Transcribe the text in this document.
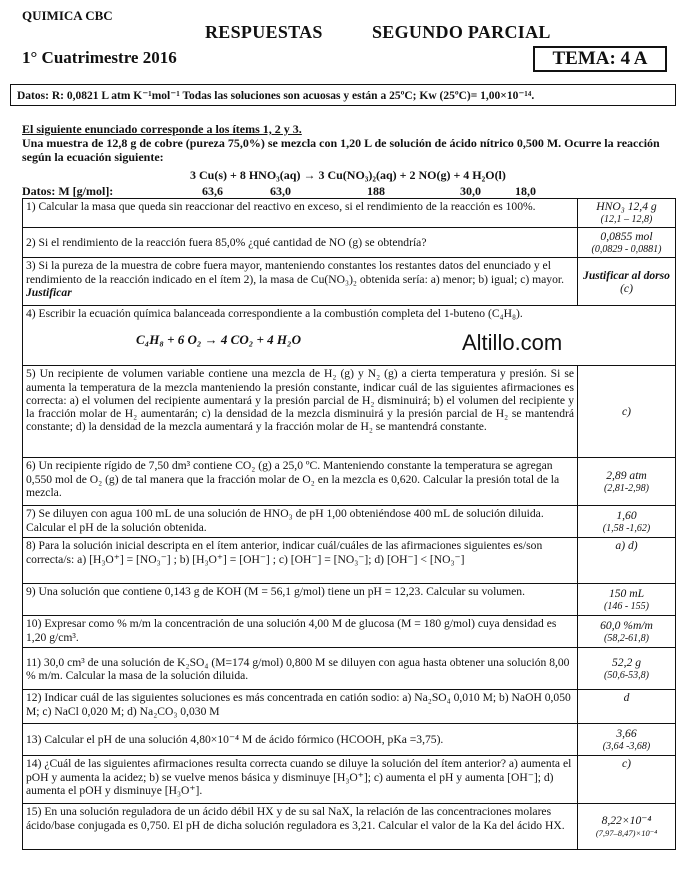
QUIMICA CBC
RESPUESTAS	SEGUNDO PARCIAL
1° Cuatrimestre 2016	TEMA: 4 A
Datos: R: 0,0821 L atm K⁻¹mol⁻¹ Todas las soluciones son acuosas y están a 25ºC; Kw (25ºC)= 1,00×10⁻¹⁴.
El siguiente enunciado corresponde a los ítems 1, 2 y 3.
Una muestra de 12,8 g de cobre (pureza 75,0%) se mezcla con 1,20 L de solución de ácido nítrico 0,500 M. Ocurre la reacción según la ecuación siguiente:
3 Cu(s) + 8 HNO₃(aq) → 3 Cu(NO₃)₂(aq) + 2 NO(g) + 4 H₂O(l)
Datos: M [g/mol]:	63,6	63,0	188	30,0	18,0
1) Calcular la masa que queda sin reaccionar del reactivo en exceso, si el rendimiento de la reacción es 100%.	HNO₃ 12,4 g
(12,1 – 12,8)

2) Si el rendimiento de la reacción fuera 85,0% ¿qué cantidad de NO (g) se obtendría?	0,0855 mol
(0,0829 - 0,0881)

3) Si la pureza de la muestra de cobre fuera mayor, manteniendo constantes los restantes datos del enunciado y el rendimiento de la reacción indicado en el ítem 2), la masa de Cu(NO₃)₂ obtenida sería: a) menor; b) igual; c) mayor. Justificar	Justificar al dorso
(c)

4) Escribir la ecuación química balanceada correspondiente a la combustión completa del 1-buteno (C₄H₈).
C₄H₈ + 6 O₂ → 4 CO₂ + 4 H₂O	

5) Un recipiente de volumen variable contiene una mezcla de H₂ (g) y N₂ (g) a cierta temperatura y presión. Si se aumenta la temperatura de la mezcla manteniendo la presión constante, indicar cuál de las siguientes afirmaciones es correcta: a) el volumen del recipiente aumentará y la presión parcial de H₂ disminuirá; b) el volumen del recipiente y la fracción molar de H₂ aumentarán; c) la densidad de la mezcla disminuirá y la presión parcial de H₂ se mantendrá constante; d) la densidad de la mezcla aumentará y la fracción molar de H₂ se mantendrá constante.	c)

6) Un recipiente rígido de 7,50 dm³ contiene CO₂ (g) a 25,0 ºC. Manteniendo constante la temperatura se agregan 0,550 mol de O₂ (g) de tal manera que la fracción molar de O₂ en la mezcla es 0,620. Calcular la presión total de la mezcla.	2,89 atm
(2,81-2,98)

7) Se diluyen con agua 100 mL de una solución de HNO₃ de pH 1,00 obteniéndose 400 mL de solución diluida. Calcular el pH de la solución obtenida.	1,60
(1,58 -1,62)

8) Para la solución inicial descripta en el ítem anterior, indicar cuál/cuáles de las afirmaciones siguientes es/son correcta/s: a) [H₃O⁺] = [NO₃⁻] ; b) [H₃O⁺] = [OH⁻] ; c) [OH⁻] = [NO₃⁻]; d) [OH⁻] < [NO₃⁻]	a) d)

9) Una solución que contiene 0,143 g de KOH (M = 56,1 g/mol) tiene un pH = 12,23. Calcular su volumen.	150 mL
(146 - 155)

10) Expresar como % m/m la concentración de una solución 4,00 M de glucosa (M = 180 g/mol) cuya densidad es 1,20 g/cm³.	60,0 %m/m
(58,2-61,8)

11) 30,0 cm³ de una solución de K₂SO₄ (M=174 g/mol) 0,800 M se diluyen con agua hasta obtener una solución 8,00 % m/m. Calcular la masa de la solución diluida.	52,2 g
(50,6-53,8)

12) Indicar cuál de las siguientes soluciones es más concentrada en catión sodio: a) Na₂SO₄ 0,010 M; b) NaOH 0,050 M; c) NaCl 0,020 M; d) Na₂CO₃ 0,030 M	d

13) Calcular el pH de una solución 4,80×10⁻⁴ M de ácido fórmico (HCOOH, pKa =3,75).	3,66
(3,64 -3,68)

14) ¿Cuál de las siguientes afirmaciones resulta correcta cuando se diluye la solución del ítem anterior? a) aumenta el pOH y aumenta la acidez; b) se vuelve menos básica y disminuye [H₃O⁺]; c) aumenta el pH y aumenta [OH⁻]; d) aumenta el pOH y disminuye [H₃O⁺].	c)

15) En una solución reguladora de un ácido débil HX y de su sal NaX, la relación de las concentraciones molares ácido/base conjugada es 0,750. El pH de dicha solución reguladora es 3,21. Calcular el valor de la Ka del ácido HX.	8,22×10⁻⁴
(7,97–8,47)×10⁻⁴
Altillo.com
